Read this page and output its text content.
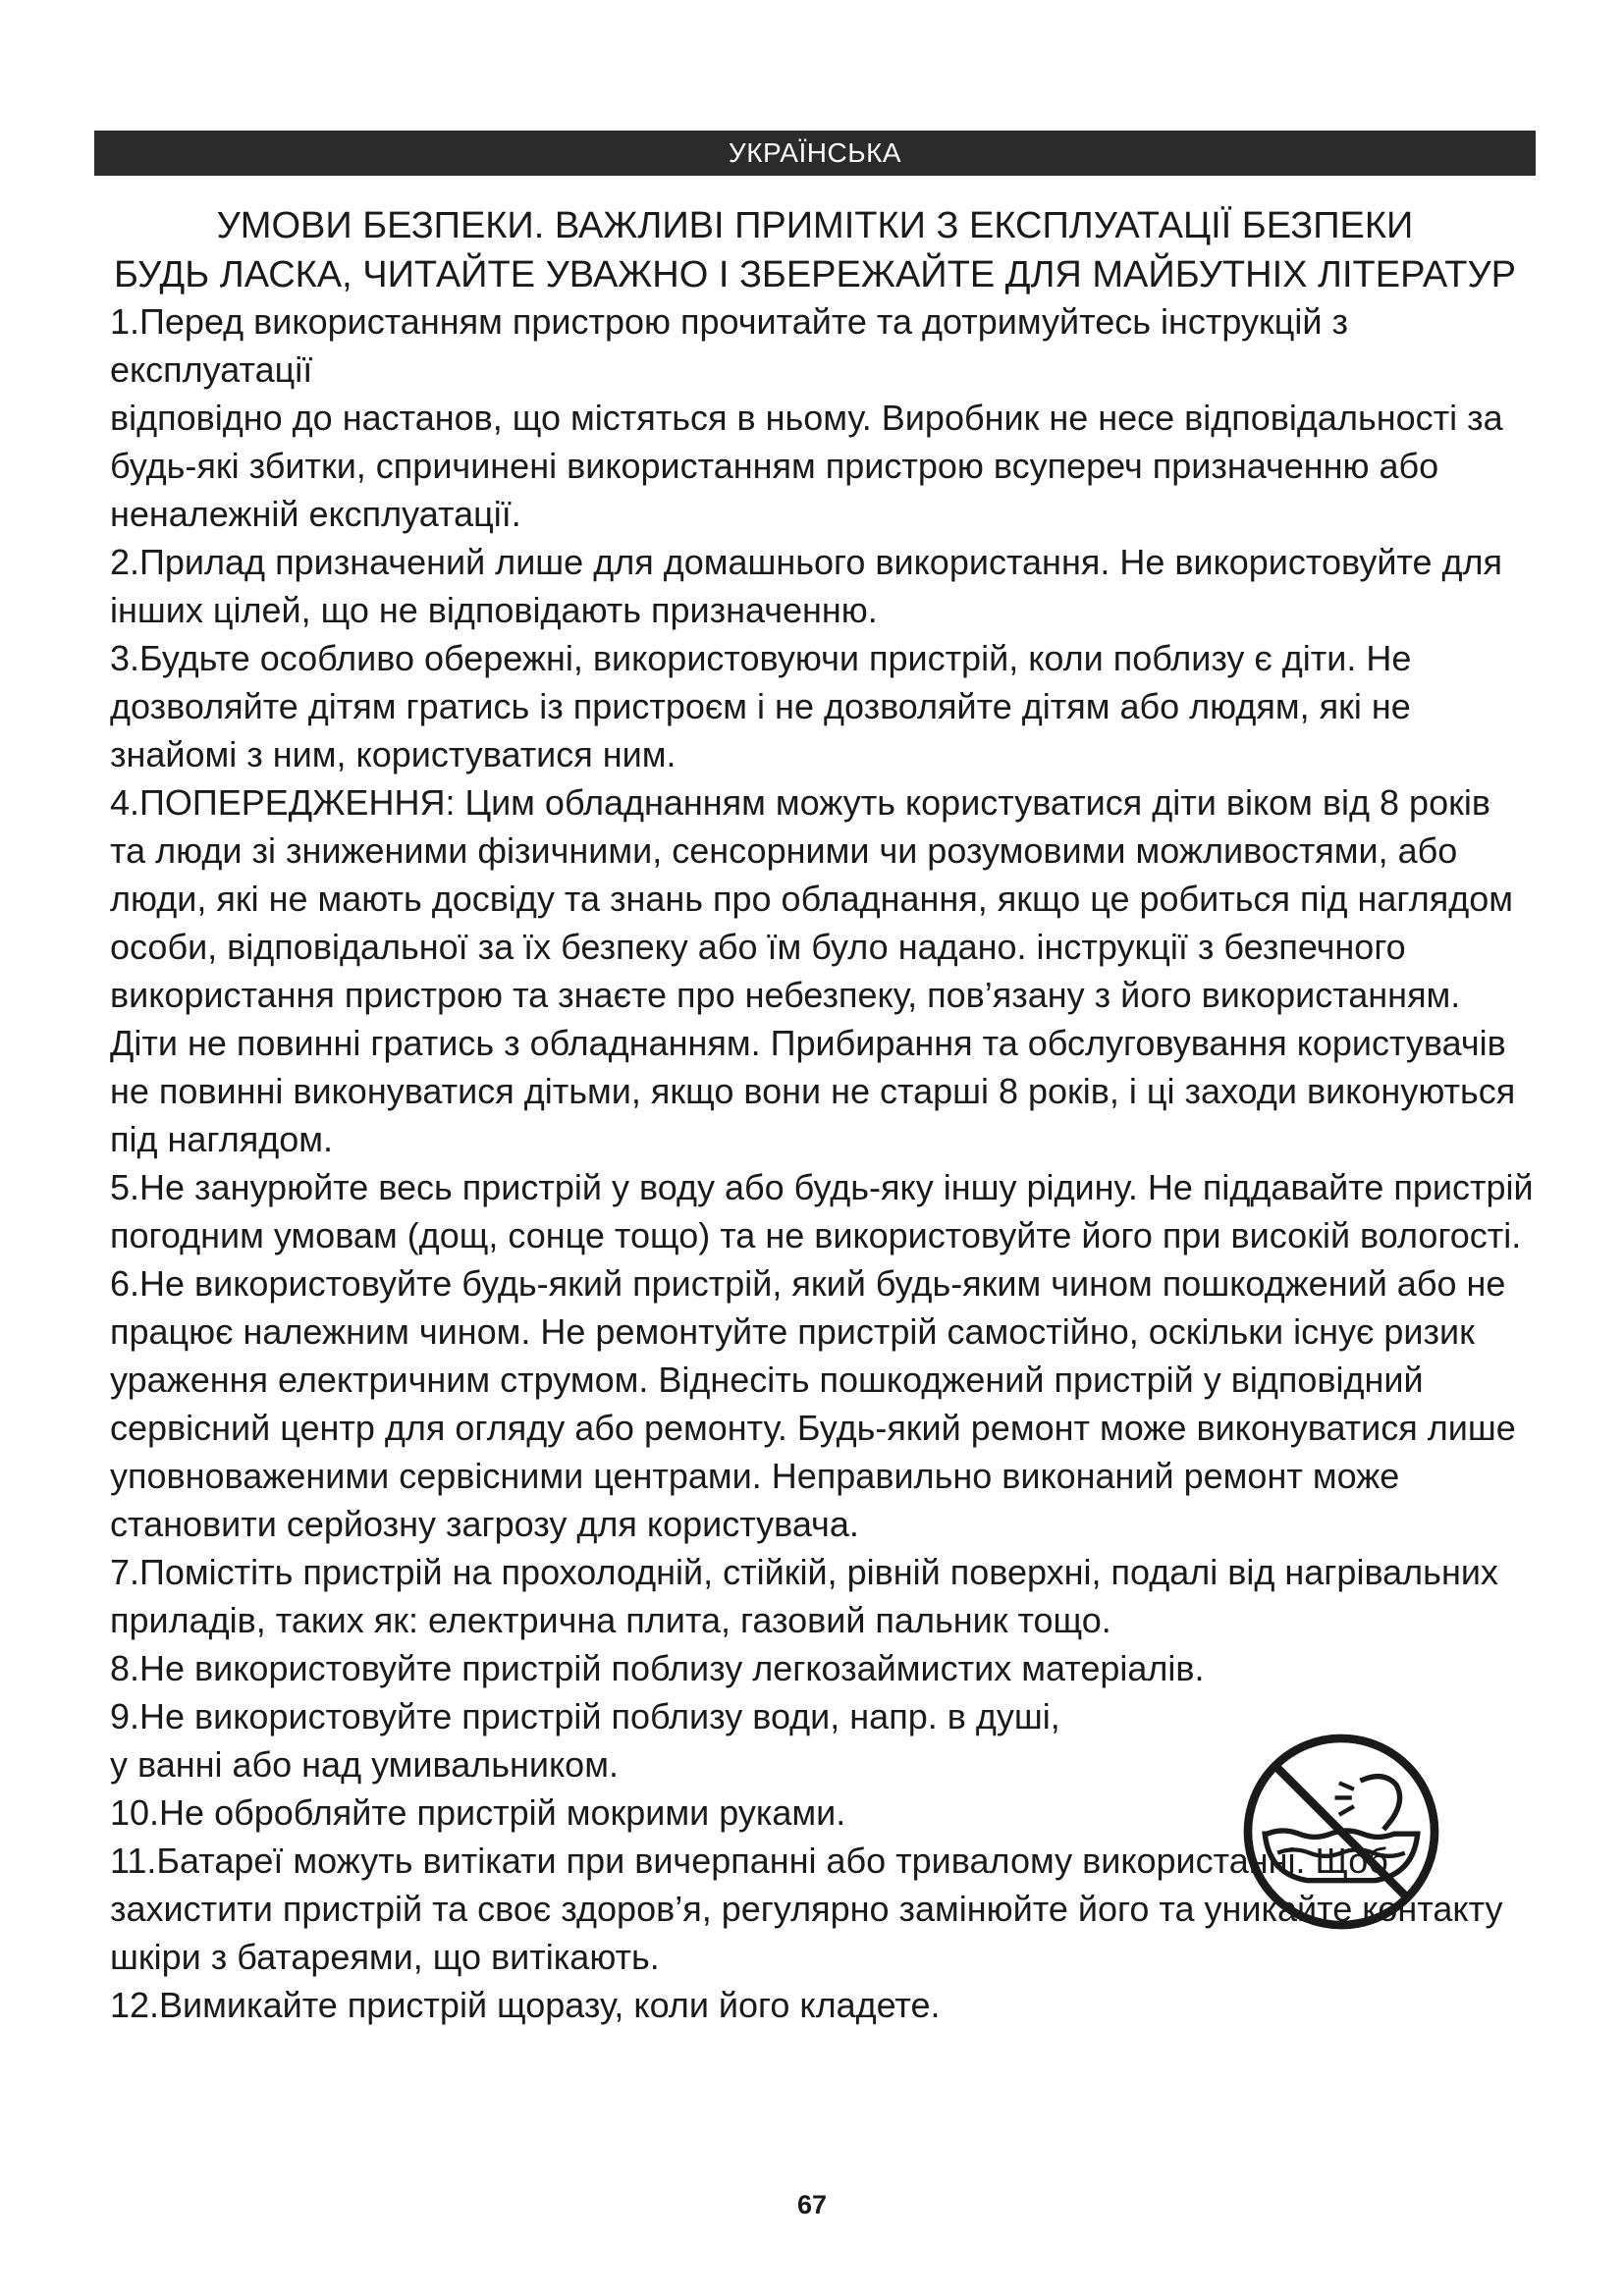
УКРАЇНСЬКА
УМОВИ БЕЗПЕКИ. ВАЖЛИВІ ПРИМІТКИ З ЕКСПЛУАТАЦІЇ БЕЗПЕКИ
БУДЬ ЛАСКА, ЧИТАЙТЕ УВАЖНО І ЗБЕРЕЖАЙТЕ ДЛЯ МАЙБУТНІХ ЛІТЕРАТУР

1.Перед використанням пристрою прочитайте та дотримуйтесь інструкцій з експлуатації

відповідно до настанов, що містяться в ньому. Виробник не несе відповідальності за будь-які збитки, спричинені використанням пристрою всупереч призначенню або неналежній експлуатації.

2.Прилад призначений лише для домашнього використання. Не використовуйте для інших цілей, що не відповідають призначенню.

3.Будьте особливо обережні, використовуючи пристрій, коли поблизу є діти. Не дозволяйте дітям гратись із пристроєм і не дозволяйте дітям або людям, які не знайомі з ним, користуватися ним.

4.ПОПЕРЕДЖЕННЯ: Цим обладнанням можуть користуватися діти віком від 8 років та люди зі зниженими фізичними, сенсорними чи розумовими можливостями, або люди, які не мають досвіду та знань про обладнання, якщо це робиться під наглядом особи, відповідальної за їх безпеку або їм було надано. інструкції з безпечного використання пристрою та знаєте про небезпеку, пов’язану з його використанням. Діти не повинні гратись з обладнанням. Прибирання та обслуговування користувачів не повинні виконуватися дітьми, якщо вони не старші 8 років, і ці заходи виконуються під наглядом.

5.Не занурюйте весь пристрій у воду або будь-яку іншу рідину. Не піддавайте пристрій погодним умовам (дощ, сонце тощо) та не використовуйте його при високій вологості.

6.Не використовуйте будь-який пристрій, який будь-яким чином пошкоджений або не працює належним чином. Не ремонтуйте пристрій самостійно, оскільки існує ризик ураження електричним струмом. Віднесіть пошкоджений пристрій у відповідний сервісний центр для огляду або ремонту. Будь-який ремонт може виконуватися лише уповноваженими сервісними центрами. Неправильно виконаний ремонт може становити серйозну загрозу для користувача.

7.Помістіть пристрій на прохолодній, стійкій, рівній поверхні, подалі від нагрівальних приладів, таких як: електрична плита, газовий пальник тощо.

8.Не використовуйте пристрій поблизу легкозаймистих матеріалів.

9.Не використовуйте пристрій поблизу води, напр. в душі,

у ванні або над умивальником.

10.Не обробляйте пристрій мокрими руками.

11.Батареї можуть витікати при вичерпанні або тривалому використанні. Щоб захистити пристрій та своє здоров’я, регулярно замінюйте його та уникайте контакту шкіри з батареями, що витікають.

12.Вимикайте пристрій щоразу, коли його кладете.

67
